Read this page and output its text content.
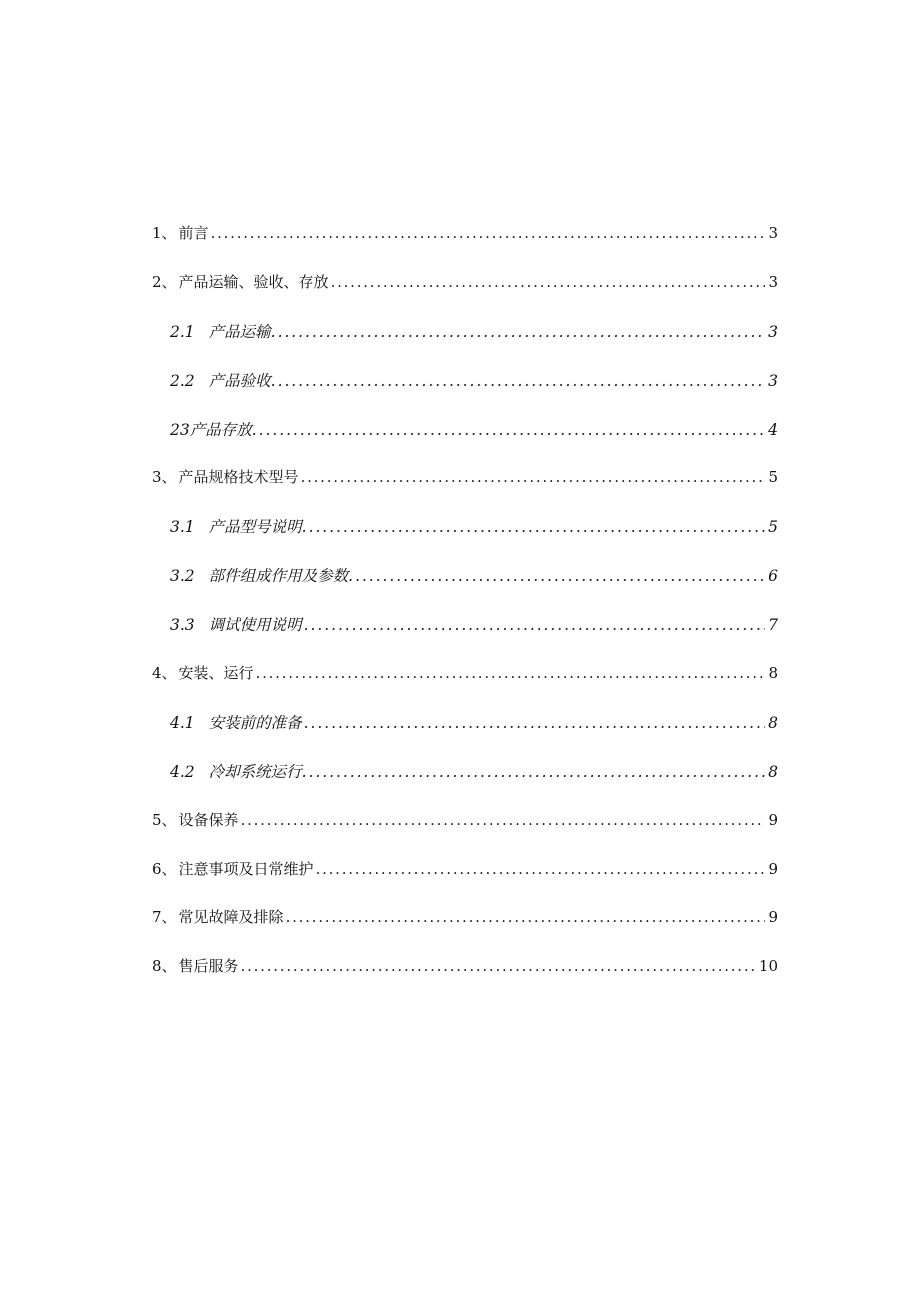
1、 前言 . . .	3
2、 产品运输、验收、存放 . . .	3
2.1 产品运输. . . .	3
2.2 产品验收. . . .	3
23产品存放. . . .	4
3、 产品规格技术型号 . . .	5
3.1 产品型号说明. . . .	5
3.2 部件组成作用及参数. . . .	6
3.3 调试使用说明 . . .	7
4、 安装、运行 . . .	8
4.1 安装前的准备 . . .	8
4.2 冷却系统运行. . . .	8
5、 设备保养 . . .	9
6、 注意事项及日常维护 . . .	9
7、 常见故障及排除 . . .	9
8、 售后服务 . . .	10
